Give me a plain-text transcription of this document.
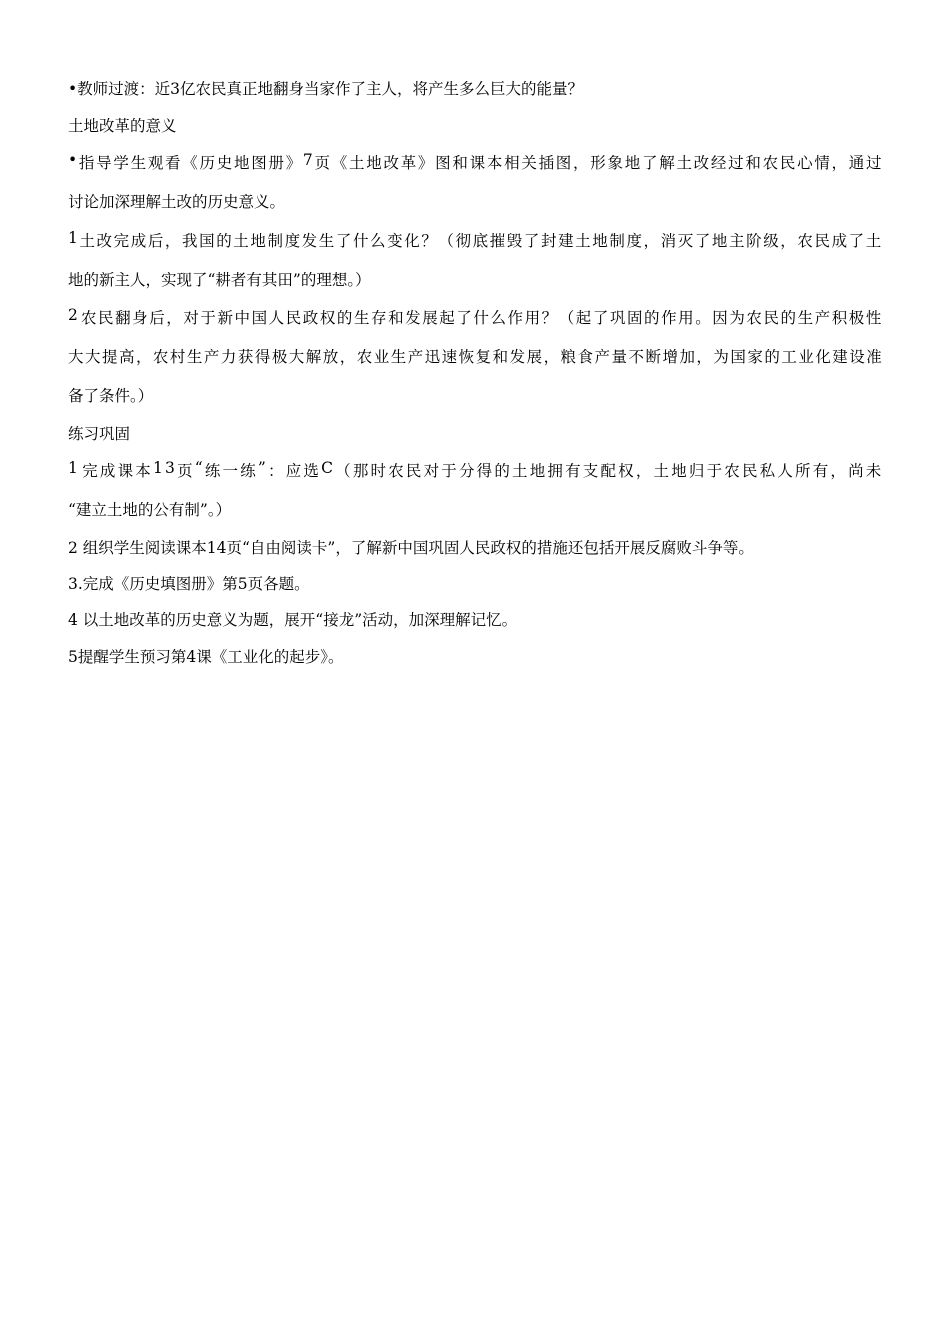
•教师过渡：近3亿农民真正地翻身当家作了主人，将产生多么巨大的能量？
土地改革的意义
• 指 导 学 生 观 看 《 历 史 地 图 册 》 7 页 《 土 地 改 革 》 图 和 课 本 相 关 插 图 ， 形 象 地 了 解 土 改 经 过 和 农 民 心 情 ， 通 过
讨论加深理解土改的历史意义。
1 土 改 完 成 后 ， 我 国 的 土 地 制 度 发 生 了 什 么 变 化 ？ （ 彻 底 摧 毁 了 封 建 土 地 制 度 ， 消 灭 了 地 主 阶 级 ， 农 民 成 了 土
地的新主人，实现了“耕者有其田”的理想。）
2 农 民 翻 身 后 ， 对 于 新 中 国 人 民 政 权 的 生 存 和 发 展 起 了 什 么 作 用 ？ （ 起 了 巩 固 的 作 用 。 因 为 农 民 的 生 产 积 极 性
大 大 提 高 ， 农 村 生 产 力 获 得 极 大 解 放 ， 农 业 生 产 迅 速 恢 复 和 发 展 ， 粮 食 产 量 不 断 增 加 ， 为 国 家 的 工 业 化 建 设 准
备了条件。）
练习巩固
1 完 成 课 本 1 3 页 “ 练 一 练 ” ： 应 选 C （ 那 时 农 民 对 于 分 得 的 土 地 拥 有 支 配 权 ， 土 地 归 于 农 民 私 人 所 有 ， 尚 未
“建立土地的公有制”。）
2 组织学生阅读课本14页“自由阅读卡”，了解新中国巩固人民政权的措施还包括开展反腐败斗争等。
3.完成《历史填图册》第5页各题。
4 以土地改革的历史意义为题，展开“接龙”活动，加深理解记忆。
5提醒学生预习第4课《工业化的起步》。
